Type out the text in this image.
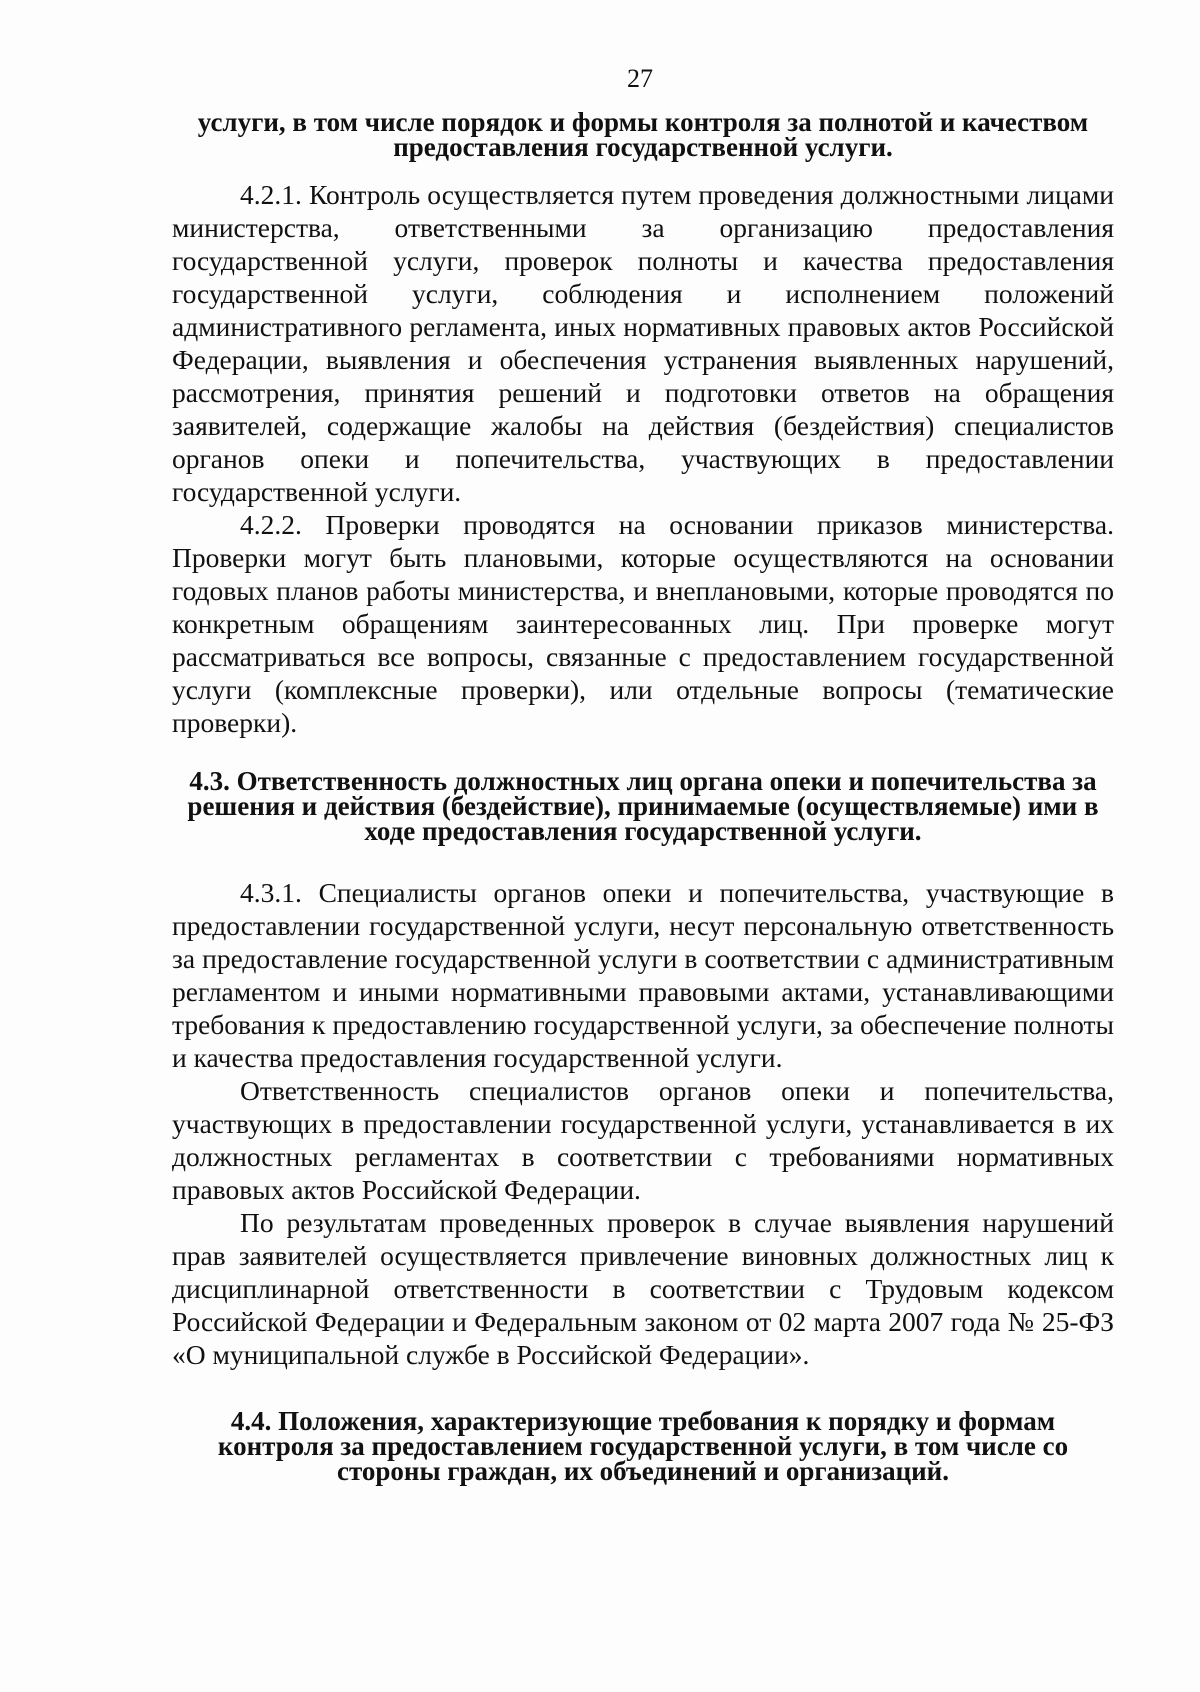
27

услуги, в том числе порядок и формы контроля за полнотой и качеством предоставления государственной услуги.

4.2.1. Контроль осуществляется путем проведения должностными лицами министерства, ответственными за организацию предоставления государственной услуги, проверок полноты и качества предоставления государственной услуги, соблюдения и исполнением положений административного регламента, иных нормативных правовых актов Российской Федерации, выявления и обеспечения устранения выявленных нарушений, рассмотрения, принятия решений и подготовки ответов на обращения заявителей, содержащие жалобы на действия (бездействия) специалистов органов опеки и попечительства, участвующих в предоставлении государственной услуги.

4.2.2. Проверки проводятся на основании приказов министерства. Проверки могут быть плановыми, которые осуществляются на основании годовых планов работы министерства, и внеплановыми, которые проводятся по конкретным обращениям заинтересованных лиц. При проверке могут рассматриваться все вопросы, связанные с предоставлением государственной услуги (комплексные проверки), или отдельные вопросы (тематические проверки).

4.3. Ответственность должностных лиц органа опеки и попечительства за решения и действия (бездействие), принимаемые (осуществляемые) ими в ходе предоставления государственной услуги.

4.3.1. Специалисты органов опеки и попечительства, участвующие в предоставлении государственной услуги, несут персональную ответственность за предоставление государственной услуги в соответствии с административным регламентом и иными нормативными правовыми актами, устанавливающими требования к предоставлению государственной услуги, за обеспечение полноты и качества предоставления государственной услуги.

Ответственность специалистов органов опеки и попечительства, участвующих в предоставлении государственной услуги, устанавливается в их должностных регламентах в соответствии с требованиями нормативных правовых актов Российской Федерации.

По результатам проведенных проверок в случае выявления нарушений прав заявителей осуществляется привлечение виновных должностных лиц к дисциплинарной ответственности в соответствии с Трудовым кодексом Российской Федерации и Федеральным законом от 02 марта 2007 года № 25-ФЗ «О муниципальной службе в Российской Федерации».

4.4. Положения, характеризующие требования к порядку и формам контроля за предоставлением государственной услуги, в том числе со стороны граждан, их объединений и организаций.
